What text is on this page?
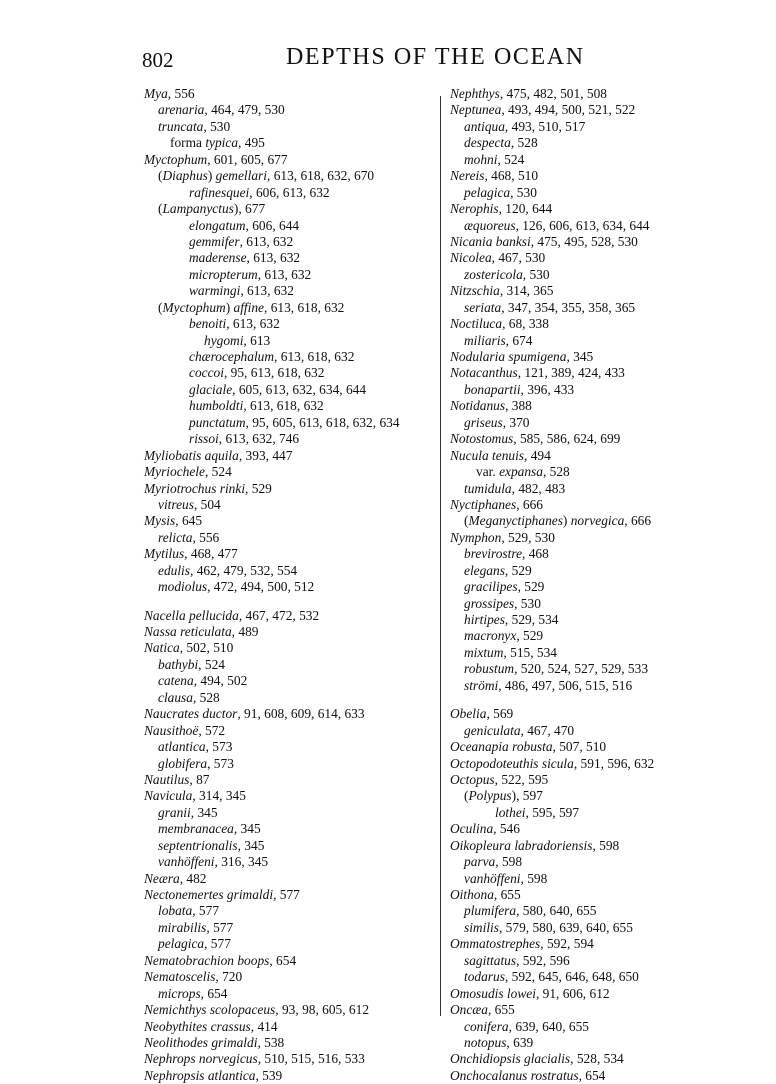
802	DEPTHS OF THE OCEAN
Mya, 556
arenaria, 464, 479, 530
truncata, 530
forma typica, 495
Myctophum, 601, 605, 677
(Diaphus) gemellari, 613, 618, 632, 670
rafinesquei, 606, 613, 632
(Lampanyctus), 677
elongatum, 606, 644
gemmifer, 613, 632
maderense, 613, 632
micropterum, 613, 632
warmingi, 613, 632
(Myctophum) affine, 613, 618, 632
benoiti, 613, 632
hygomi, 613
chærocephalum, 613, 618, 632
coccoi, 95, 613, 618, 632
glaciale, 605, 613, 632, 634, 644
humboldti, 613, 618, 632
punctatum, 95, 605, 613, 618, 632, 634
rissoi, 613, 632, 746
Myliobatis aquila, 393, 447
Myriochele, 524
Myriotrochus rinki, 529
vitreus, 504
Mysis, 645
relicta, 556
Mytilus, 468, 477
edulis, 462, 479, 532, 554
modiolus, 472, 494, 500, 512
Nacella pellucida, 467, 472, 532
Nassa reticulata, 489
Natica, 502, 510
bathybi, 524
catena, 494, 502
clausa, 528
Naucrates ductor, 91, 608, 609, 614, 633
Nausithoë, 572
atlantica, 573
globifera, 573
Nautilus, 87
Navicula, 314, 345
granii, 345
membranacea, 345
septentrionalis, 345
vanhöffeni, 316, 345
Neæra, 482
Nectonemertes grimaldi, 577
lobata, 577
mirabilis, 577
pelagica, 577
Nematobrachion boops, 654
Nematoscelis, 720
microps, 654
Nemichthys scolopaceus, 93, 98, 605, 612
Neobythites crassus, 414
Neolithodes grimaldi, 538
Nephrops norvegicus, 510, 515, 516, 533
Nephropsis atlantica, 539
Nephthys, 475, 482, 501, 508
Neptunea, 493, 494, 500, 521, 522
antiqua, 493, 510, 517
despecta, 528
mohni, 524
Nereis, 468, 510
pelagica, 530
Nerophis, 120, 644
æquoreus, 126, 606, 613, 634, 644
Nicania banksi, 475, 495, 528, 530
Nicolea, 467, 530
zostericola, 530
Nitzschia, 314, 365
seriata, 347, 354, 355, 358, 365
Noctiluca, 68, 338
miliaris, 674
Nodularia spumigena, 345
Notacanthus, 121, 389, 424, 433
bonapartii, 396, 433
Notidanus, 388
griseus, 370
Notostomus, 585, 586, 624, 699
Nucula tenuis, 494
var. expansa, 528
tumidula, 482, 483
Nyctiphanes, 666
(Meganyctiphanes) norvegica, 666
Nymphon, 529, 530
brevirostre, 468
elegans, 529
gracilipes, 529
grossipes, 530
hirtipes, 529, 534
macronyx, 529
mixtum, 515, 534
robustum, 520, 524, 527, 529, 533
strömi, 486, 497, 506, 515, 516
Obelia, 569
geniculata, 467, 470
Oceanapia robusta, 507, 510
Octopodoteuthis sicula, 591, 596, 632
Octopus, 522, 595
(Polypus), 597
lothei, 595, 597
Oculina, 546
Oikopleura labradoriensis, 598
parva, 598
vanhöffeni, 598
Oithona, 655
plumifera, 580, 640, 655
similis, 579, 580, 639, 640, 655
Ommatostrephes, 592, 594
sagittatus, 592, 596
todarus, 592, 645, 646, 648, 650
Omosudis lowei, 91, 606, 612
Oncæa, 655
conifera, 639, 640, 655
notopus, 639
Onchidiopsis glacialis, 528, 534
Onchocalanus rostratus, 654
